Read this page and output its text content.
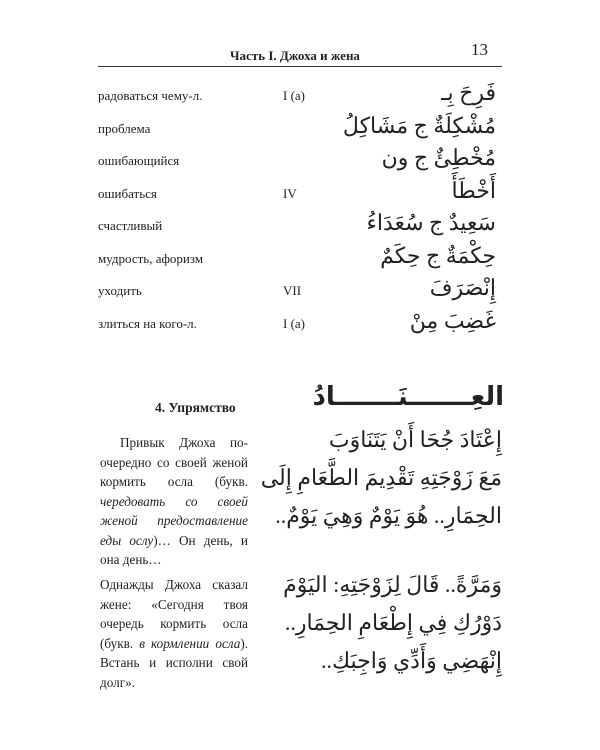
Часть I. Джоха и жена	13
радоваться чему-л.	I (a)	فَرِحَ بِـ
проблема	مُشْكِلَةٌ ج مَشَاكِلُ
ошибающийся	مُخْطِئٌ ج ون
ошибаться	IV	أَخْطَأَ
счастливый	سَعِيدٌ ج سُعَدَاءُ
мудрость, афоризм	حِكْمَةٌ ج حِكَمٌ
уходить	VII	إِنْصَرَفَ
злиться на кого-л.	I (a)	غَضِبَ مِنْ
4. Упрямство	العِـــــــنَـــــــادُ
Привык Джоха поочередно со своей женой кормить осла (букв. чередовать со своей женой предоставление еды ослу)… Он день, и она день…
Однажды Джоха сказал жене: «Сегодня твоя очередь кормить осла (букв. в кормлении осла). Встань и исполни свой долг».
إِعْتَادَ جُحَا أَنْ يَتَنَاوَبَ
مَعَ زَوْجَتِهِ تَقْدِيمَ الطَّعَامِ إِلَى
الحِمَارِ.. هُوَ يَوْمٌ وَهِيَ يَوْمٌ..
وَمَرَّةً.. قَالَ لِزَوْجَتِهِ: اليَوْمَ
دَوْرُكِ فِي إِطْعَامِ الحِمَارِ..
إِنْهَضِي وَأَدِّي وَاجِبَكِ..
